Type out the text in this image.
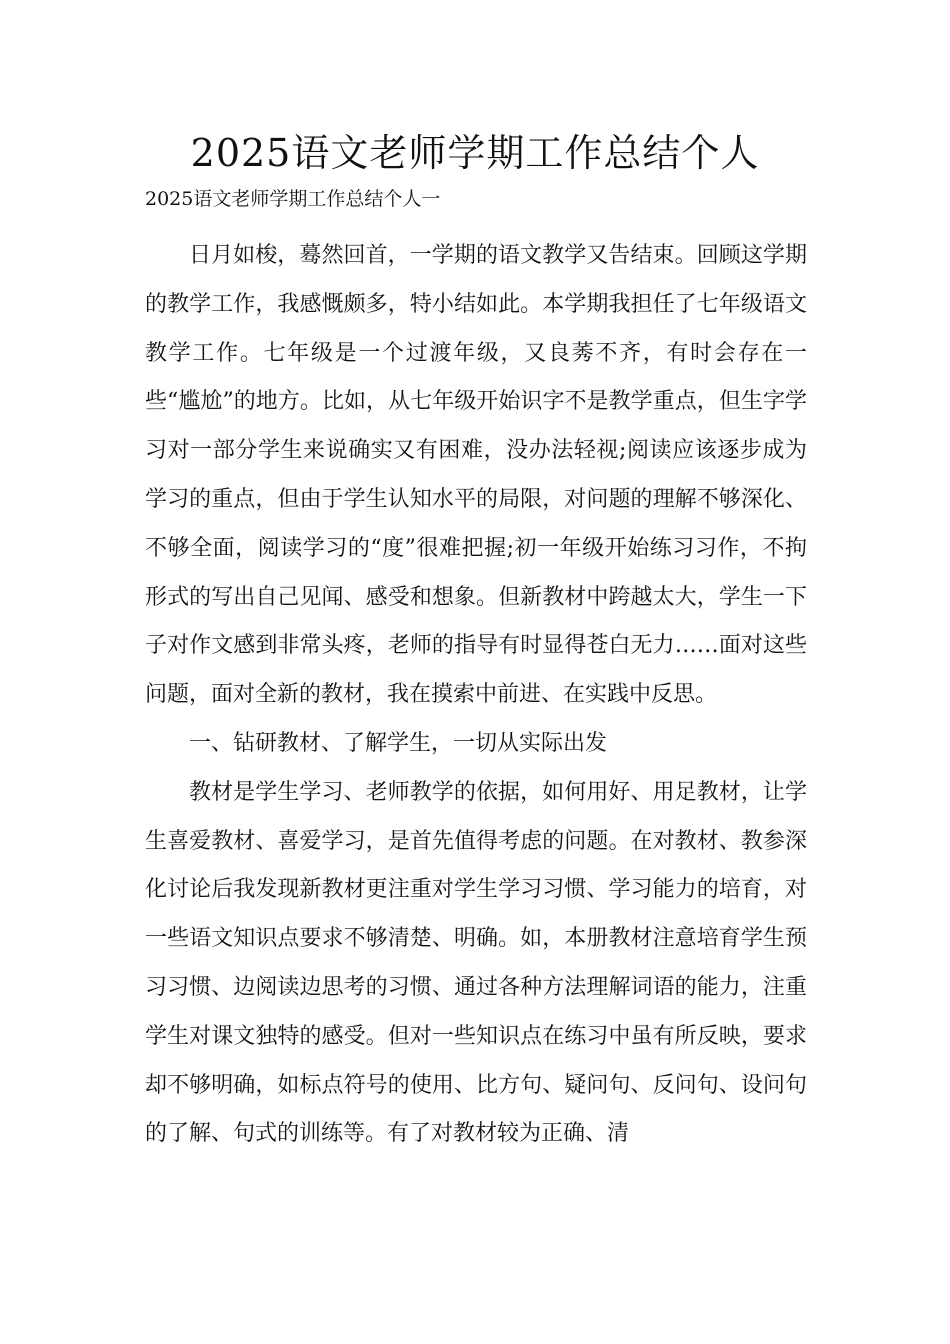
2025语文老师学期工作总结个人
2025语文老师学期工作总结个人一

日月如梭，蓦然回首，一学期的语文教学又告结束。回顾这学期的教学工作，我感慨颇多，特小结如此。本学期我担任了七年级语文教学工作。七年级是一个过渡年级，又良莠不齐，有时会存在一些“尴尬”的地方。比如，从七年级开始识字不是教学重点，但生字学习对一部分学生来说确实又有困难，没办法轻视;阅读应该逐步成为学习的重点，但由于学生认知水平的局限，对问题的理解不够深化、不够全面，阅读学习的“度”很难把握;初一年级开始练习习作，不拘形式的写出自己见闻、感受和想象。但新教材中跨越太大，学生一下子对作文感到非常头疼，老师的指导有时显得苍白无力……面对这些问题，面对全新的教材，我在摸索中前进、在实践中反思。

一、钻研教材、了解学生，一切从实际出发

教材是学生学习、老师教学的依据，如何用好、用足教材，让学生喜爱教材、喜爱学习，是首先值得考虑的问题。在对教材、教参深化讨论后我发现新教材更注重对学生学习习惯、学习能力的培育，对一些语文知识点要求不够清楚、明确。如，本册教材注意培育学生预习习惯、边阅读边思考的习惯、通过各种方法理解词语的能力，注重学生对课文独特的感受。但对一些知识点在练习中虽有所反映，要求却不够明确，如标点符号的使用、比方句、疑问句、反问句、设问句的了解、句式的训练等。有了对教材较为正确、清
